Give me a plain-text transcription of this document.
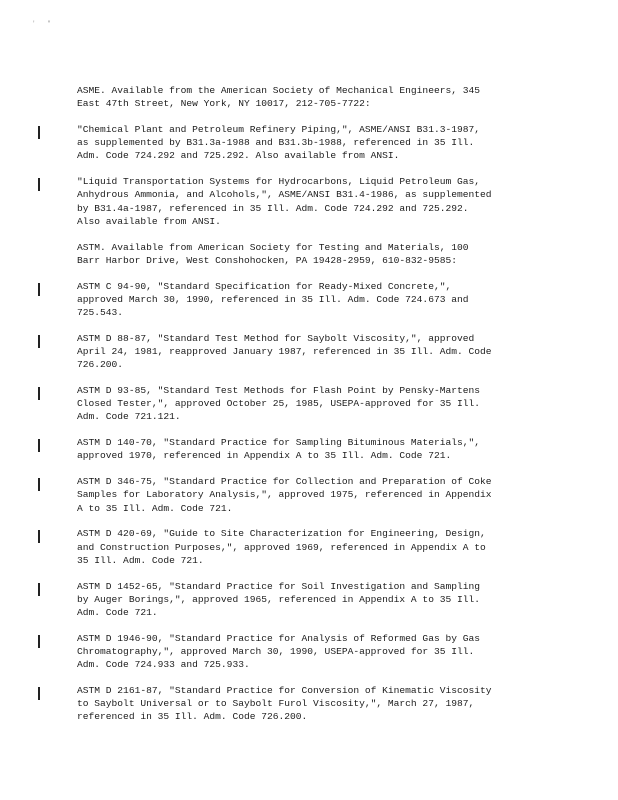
' "
ASME. Available from the American Society of Mechanical Engineers, 345
East 47th Street, New York, NY 10017, 212-705-7722:
"Chemical Plant and Petroleum Refinery Piping,", ASME/ANSI B31.3-1987,
as supplemented by B31.3a-1988 and B31.3b-1988, referenced in 35 Ill.
Adm. Code 724.292 and 725.292. Also available from ANSI.
"Liquid Transportation Systems for Hydrocarbons, Liquid Petroleum Gas,
Anhydrous Ammonia, and Alcohols,", ASME/ANSI B31.4-1986, as supplemented
by B31.4a-1987, referenced in 35 Ill. Adm. Code 724.292 and 725.292.
Also available from ANSI.
ASTM. Available from American Society for Testing and Materials, 100
Barr Harbor Drive, West Conshohocken, PA 19428-2959, 610-832-9585:
ASTM C 94-90, "Standard Specification for Ready-Mixed Concrete,",
approved March 30, 1990, referenced in 35 Ill. Adm. Code 724.673 and
725.543.
ASTM D 88-87, "Standard Test Method for Saybolt Viscosity,", approved
April 24, 1981, reapproved January 1987, referenced in 35 Ill. Adm. Code
726.200.
ASTM D 93-85, "Standard Test Methods for Flash Point by Pensky-Martens
Closed Tester,", approved October 25, 1985, USEPA-approved for 35 Ill.
Adm. Code 721.121.
ASTM D 140-70, "Standard Practice for Sampling Bituminous Materials,",
approved 1970, referenced in Appendix A to 35 Ill. Adm. Code 721.
ASTM D 346-75, "Standard Practice for Collection and Preparation of Coke
Samples for Laboratory Analysis,", approved 1975, referenced in Appendix
A to 35 Ill. Adm. Code 721.
ASTM D 420-69, "Guide to Site Characterization for Engineering, Design,
and Construction Purposes,", approved 1969, referenced in Appendix A to
35 Ill. Adm. Code 721.
ASTM D 1452-65, "Standard Practice for Soil Investigation and Sampling
by Auger Borings,", approved 1965, referenced in Appendix A to 35 Ill.
Adm. Code 721.
ASTM D 1946-90, "Standard Practice for Analysis of Reformed Gas by Gas
Chromatography,", approved March 30, 1990, USEPA-approved for 35 Ill.
Adm. Code 724.933 and 725.933.
ASTM D 2161-87, "Standard Practice for Conversion of Kinematic Viscosity
to Saybolt Universal or to Saybolt Furol Viscosity,", March 27, 1987,
referenced in 35 Ill. Adm. Code 726.200.
